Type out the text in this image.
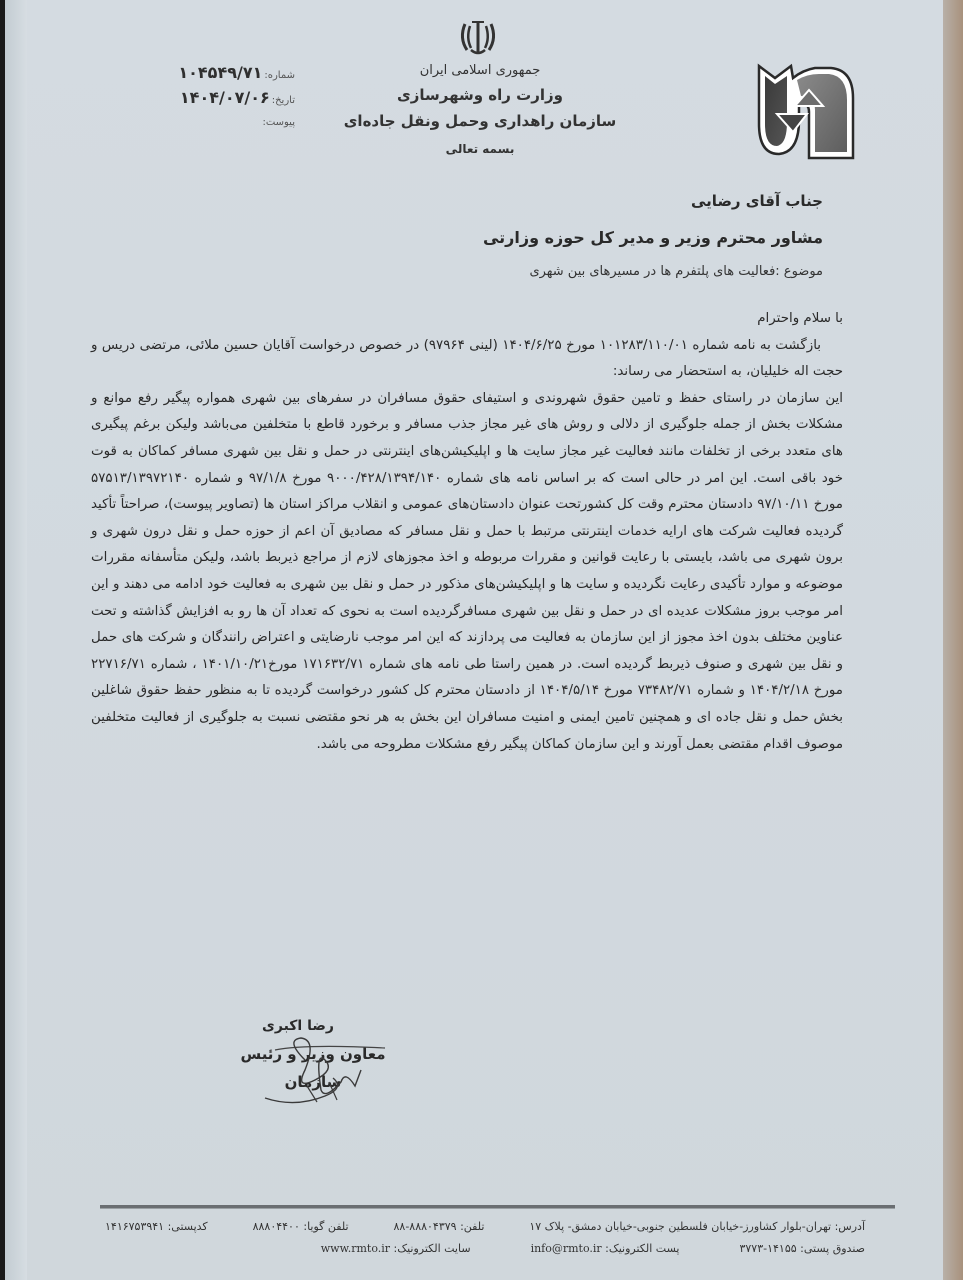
جمهوری اسلامی ایران
وزارت راه وشهرسازی
سازمان راهداری وحمل ونقل جاده‌ای
بسمه تعالی
شماره:
۱۰۴۵۴۹/۷۱
تاریخ:
۱۴۰۴/۰۷/۰۶
پیوست:
جناب آقای رضایی
مشاور محترم وزیر و مدیر کل حوزه وزارتی
موضوع :فعالیت های پلتفرم ها در مسیرهای بین شهری

با سلام واحترام

بازگشت به نامه شماره ۱۰۱۲۸۳/۱۱۰/۰۱ مورخ ۱۴۰۴/۶/۲۵ (لینی ۹۷۹۶۴) در خصوص درخواست آقایان حسین ملائی، مرتضی دریس و حجت اله خلیلیان، به استحضار می رساند:

این سازمان در راستای حفظ و تامین حقوق شهروندی و استیفای حقوق مسافران در سفرهای بین شهری همواره پیگیر رفع موانع و مشکلات بخش از جمله جلوگیری از دلالی و روش های غیر مجاز جذب مسافر و برخورد قاطع با متخلفین می‌باشد ولیکن برغم پیگیری های متعدد برخی از تخلفات مانند فعالیت غیر مجاز سایت ها و اپلیکیشن‌های اینترنتی در حمل و نقل بین شهری مسافر کماکان به قوت خود باقی است. این امر در حالی است که بر اساس نامه های شماره ۹۰۰۰/۴۲۸/۱۳۹۴/۱۴۰ مورخ ۹۷/۱/۸ و شماره ۵۷۵۱۳/۱۳۹۷۲۱۴۰ مورخ ۹۷/۱۰/۱۱ دادستان محترم وقت کل کشورتحت عنوان دادستان‌های عمومی و انقلاب مراکز استان ها (تصاویر پیوست)، صراحتاً تأکید گردیده فعالیت شرکت های ارایه خدمات اینترنتی مرتبط با حمل و نقل مسافر که مصادیق آن اعم از حوزه حمل و نقل درون شهری و برون شهری می باشد، بایستی با رعایت قوانین و مقررات مربوطه و اخذ مجوزهای لازم از مراجع ذیربط باشد، ولیکن متأسفانه مقررات موضوعه و موارد تأکیدی رعایت نگردیده و سایت ها و اپلیکیشن‌های مذکور در حمل و نقل بین شهری به فعالیت خود ادامه می دهند و این امر موجب بروز مشکلات عدیده ای در حمل و نقل بین شهری مسافرگردیده است به نحوی که تعداد آن ها رو به افزایش گذاشته و تحت عناوین مختلف بدون اخذ مجوز از این سازمان به فعالیت می پردازند که این امر موجب نارضایتی و اعتراض رانندگان و شرکت های حمل و نقل بین شهری و صنوف ذیربط گردیده است. در همین راستا طی نامه های شماره ۱۷۱۶۳۲/۷۱ مورخ۱۴۰۱/۱۰/۲۱ ، شماره ۲۲۷۱۶/۷۱ مورخ ۱۴۰۴/۲/۱۸ و شماره ۷۳۴۸۲/۷۱ مورخ ۱۴۰۴/۵/۱۴ از دادستان محترم کل کشور درخواست گردیده تا به منظور حفظ حقوق شاغلین بخش حمل و نقل جاده ای و همچنین تامین ایمنی و امنیت مسافران این بخش به هر نحو مقتضی نسبت به جلوگیری از فعالیت متخلفین موصوف اقدام مقتضی بعمل آورند و این سازمان کماکان پیگیر رفع مشکلات مطروحه می باشد.

رضا اکبری
معاون وزیر و رئیس سازمان
آدرس: تهران-بلوار کشاورز-خیابان فلسطین جنوبی-خیابان دمشق- پلاک ۱۷
تلفن: ۸۸۸۰۴۳۷۹-۸۸
تلفن گویا: ۸۸۸۰۴۴۰۰
کدپستی: ۱۴۱۶۷۵۳۹۴۱
صندوق پستی: ۱۴۱۵۵-۳۷۷۳
پست الکترونیک: info@rmto.ir
سایت الکترونیک: www.rmto.ir
